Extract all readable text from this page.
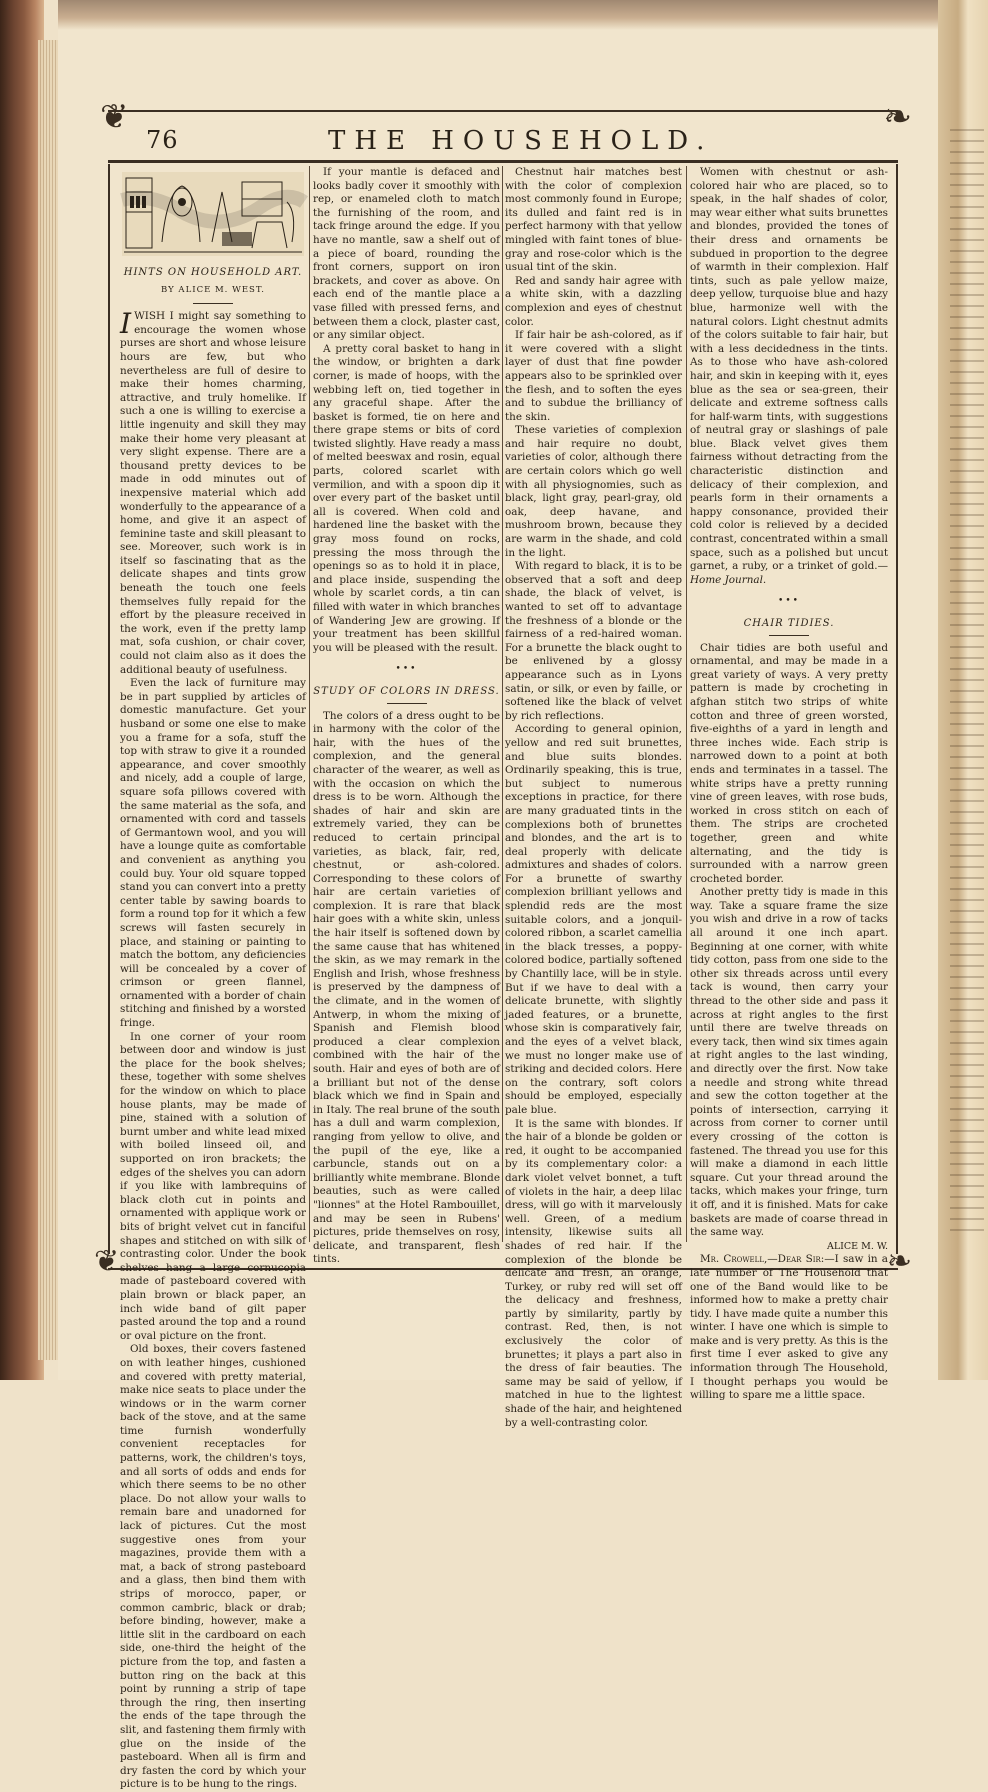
❦
76	THE HOUSEHOLD.
❧
❦	❧
HINTS ON HOUSEHOLD ART.
BY ALICE M. WEST.

IWISH I might say something to encourage the women whose purses are short and whose leisure hours are few, but who nevertheless are full of desire to make their homes charming, attractive, and truly homelike. If such a one is willing to exercise a little ingenuity and skill they may make their home very pleasant at very slight expense. There are a thousand pretty devices to be made in odd minutes out of inexpensive material which add wonderfully to the appearance of a home, and give it an aspect of feminine taste and skill pleasant to see. Moreover, such work is in itself so fascinating that as the delicate shapes and tints grow beneath the touch one feels themselves fully repaid for the effort by the pleasure received in the work, even if the pretty lamp mat, sofa cushion, or chair cover, could not claim also as it does the additional beauty of usefulness.

Even the lack of furniture may be in part supplied by articles of domestic manufacture. Get your husband or some one else to make you a frame for a sofa, stuff the top with straw to give it a rounded appearance, and cover smoothly and nicely, add a couple of large, square sofa pillows covered with the same material as the sofa, and ornamented with cord and tassels of Germantown wool, and you will have a lounge quite as comfortable and convenient as anything you could buy. Your old square topped stand you can convert into a pretty center table by sawing boards to form a round top for it which a few screws will fasten securely in place, and staining or painting to match the bottom, any deficiencies will be concealed by a cover of crimson or green flannel, ornamented with a border of chain stitching and finished by a worsted fringe.

In one corner of your room between door and window is just the place for the book shelves; these, together with some shelves for the window on which to place house plants, may be made of pine, stained with a solution of burnt umber and white lead mixed with boiled linseed oil, and supported on iron brackets; the edges of the shelves you can adorn if you like with lambrequins of black cloth cut in points and ornamented with applique work or bits of bright velvet cut in fanciful shapes and stitched on with silk of contrasting color. Under the book shelves hang a large cornucopia made of pasteboard covered with plain brown or black paper, an inch wide band of gilt paper pasted around the top and a round or oval picture on the front.

Old boxes, their covers fastened on with leather hinges, cushioned and covered with pretty material, make nice seats to place under the windows or in the warm corner back of the stove, and at the same time furnish wonderfully convenient receptacles for patterns, work, the children's toys, and all sorts of odds and ends for which there seems to be no other place. Do not allow your walls to remain bare and unadorned for lack of pictures. Cut the most suggestive ones from your magazines, provide them with a mat, a back of strong pasteboard and a glass, then bind them with strips of morocco, paper, or common cambric, black or drab; before binding, however, make a little slit in the cardboard on each side, one-third the height of the picture from the top, and fasten a button ring on the back at this point by running a strip of tape through the ring, then inserting the ends of the tape through the slit, and fastening them firmly with glue on the inside of the pasteboard. When all is firm and dry fasten the cord by which your picture is to be hung to the rings.

If your mantle is defaced and looks badly cover it smoothly with rep, or enameled cloth to match the furnishing of the room, and tack fringe around the edge. If you have no mantle, saw a shelf out of a piece of board, rounding the front corners, support on iron brackets, and cover as above. On each end of the mantle place a vase filled with pressed ferns, and between them a clock, plaster cast, or any similar object.

A pretty coral basket to hang in the window, or brighten a dark corner, is made of hoops, with the webbing left on, tied together in any graceful shape. After the basket is formed, tie on here and there grape stems or bits of cord twisted slightly. Have ready a mass of melted beeswax and rosin, equal parts, colored scarlet with vermilion, and with a spoon dip it over every part of the basket until all is covered. When cold and hardened line the basket with the gray moss found on rocks, pressing the moss through the openings so as to hold it in place, and place inside, suspending the whole by scarlet cords, a tin can filled with water in which branches of Wandering Jew are growing. If your treatment has been skillful you will be pleased with the result.

•••
STUDY OF COLORS IN DRESS.

The colors of a dress ought to be in harmony with the color of the hair, with the hues of the complexion, and the general character of the wearer, as well as with the occasion on which the dress is to be worn. Although the shades of hair and skin are extremely varied, they can be reduced to certain principal varieties, as black, fair, red, chestnut, or ash-colored. Corresponding to these colors of hair are certain varieties of complexion. It is rare that black hair goes with a white skin, unless the hair itself is softened down by the same cause that has whitened the skin, as we may remark in the English and Irish, whose freshness is preserved by the dampness of the climate, and in the women of Antwerp, in whom the mixing of Spanish and Flemish blood produced a clear complexion combined with the hair of the south. Hair and eyes of both are of a brilliant but not of the dense black which we find in Spain and in Italy. The real brune of the south has a dull and warm complexion, ranging from yellow to olive, and the pupil of the eye, like a carbuncle, stands out on a brilliantly white membrane. Blonde beauties, such as were called "lionnes" at the Hotel Rambouillet, and may be seen in Rubens' pictures, pride themselves on rosy, delicate, and transparent, flesh tints.

Chestnut hair matches best with the color of complexion most commonly found in Europe; its dulled and faint red is in perfect harmony with that yellow mingled with faint tones of blue-gray and rose-color which is the usual tint of the skin.

Red and sandy hair agree with a white skin, with a dazzling complexion and eyes of chestnut color.

If fair hair be ash-colored, as if it were covered with a slight layer of dust that fine powder appears also to be sprinkled over the flesh, and to soften the eyes and to subdue the brilliancy of the skin.

These varieties of complexion and hair require no doubt, varieties of color, although there are certain colors which go well with all physiognomies, such as black, light gray, pearl-gray, old oak, deep havane, and mushroom brown, because they are warm in the shade, and cold in the light.

With regard to black, it is to be observed that a soft and deep shade, the black of velvet, is wanted to set off to advantage the freshness of a blonde or the fairness of a red-haired woman. For a brunette the black ought to be enlivened by a glossy appearance such as in Lyons satin, or silk, or even by faille, or softened like the black of velvet by rich reflections.

According to general opinion, yellow and red suit brunettes, and blue suits blondes. Ordinarily speaking, this is true, but subject to numerous exceptions in practice, for there are many graduated tints in the complexions both of brunettes and blondes, and the art is to deal properly with delicate admixtures and shades of colors. For a brunette of swarthy complexion brilliant yellows and splendid reds are the most suitable colors, and a jonquil-colored ribbon, a scarlet camellia in the black tresses, a poppy-colored bodice, partially softened by Chantilly lace, will be in style. But if we have to deal with a delicate brunette, with slightly jaded features, or a brunette, whose skin is comparatively fair, and the eyes of a velvet black, we must no longer make use of striking and decided colors. Here on the contrary, soft colors should be employed, especially pale blue.

It is the same with blondes. If the hair of a blonde be golden or red, it ought to be accompanied by its complementary color: a dark violet velvet bonnet, a tuft of violets in the hair, a deep lilac dress, will go with it marvelously well. Green, of a medium intensity, likewise suits all shades of red hair. If the complexion of the blonde be delicate and fresh, an orange, Turkey, or ruby red will set off the delicacy and freshness, partly by similarity, partly by contrast. Red, then, is not exclusively the color of brunettes; it plays a part also in the dress of fair beauties. The same may be said of yellow, if matched in hue to the lightest shade of the hair, and heightened by a well-contrasting color.

Women with chestnut or ash-colored hair who are placed, so to speak, in the half shades of color, may wear either what suits brunettes and blondes, provided the tones of their dress and ornaments be subdued in proportion to the degree of warmth in their complexion. Half tints, such as pale yellow maize, deep yellow, turquoise blue and hazy blue, harmonize well with the natural colors. Light chestnut admits of the colors suitable to fair hair, but with a less decidedness in the tints. As to those who have ash-colored hair, and skin in keeping with it, eyes blue as the sea or sea-green, their delicate and extreme softness calls for half-warm tints, with suggestions of neutral gray or slashings of pale blue. Black velvet gives them fairness without detracting from the characteristic distinction and delicacy of their complexion, and pearls form in their ornaments a happy consonance, provided their cold color is relieved by a decided contrast, concentrated within a small space, such as a polished but uncut garnet, a ruby, or a trinket of gold.—Home Journal.

•••
CHAIR TIDIES.

Chair tidies are both useful and ornamental, and may be made in a great variety of ways. A very pretty pattern is made by crocheting in afghan stitch two strips of white cotton and three of green worsted, five-eighths of a yard in length and three inches wide. Each strip is narrowed down to a point at both ends and terminates in a tassel. The white strips have a pretty running vine of green leaves, with rose buds, worked in cross stitch on each of them. The strips are crocheted together, green and white alternating, and the tidy is surrounded with a narrow green crocheted border.

Another pretty tidy is made in this way. Take a square frame the size you wish and drive in a row of tacks all around it one inch apart. Beginning at one corner, with white tidy cotton, pass from one side to the other six threads across until every tack is wound, then carry your thread to the other side and pass it across at right angles to the first until there are twelve threads on every tack, then wind six times again at right angles to the last winding, and directly over the first. Now take a needle and strong white thread and sew the cotton together at the points of intersection, carrying it across from corner to corner until every crossing of the cotton is fastened. The thread you use for this will make a diamond in each little square. Cut your thread around the tacks, which makes your fringe, turn it off, and it is finished. Mats for cake baskets are made of coarse thread in the same way.

ALICE M. W.

Mr. Crowell,—Dear Sir:—I saw in a late number of The Household that one of the Band would like to be informed how to make a pretty chair tidy. I have made quite a number this winter. I have one which is simple to make and is very pretty. As this is the first time I ever asked to give any information through The Household, I thought perhaps you would be willing to spare me a little space.
